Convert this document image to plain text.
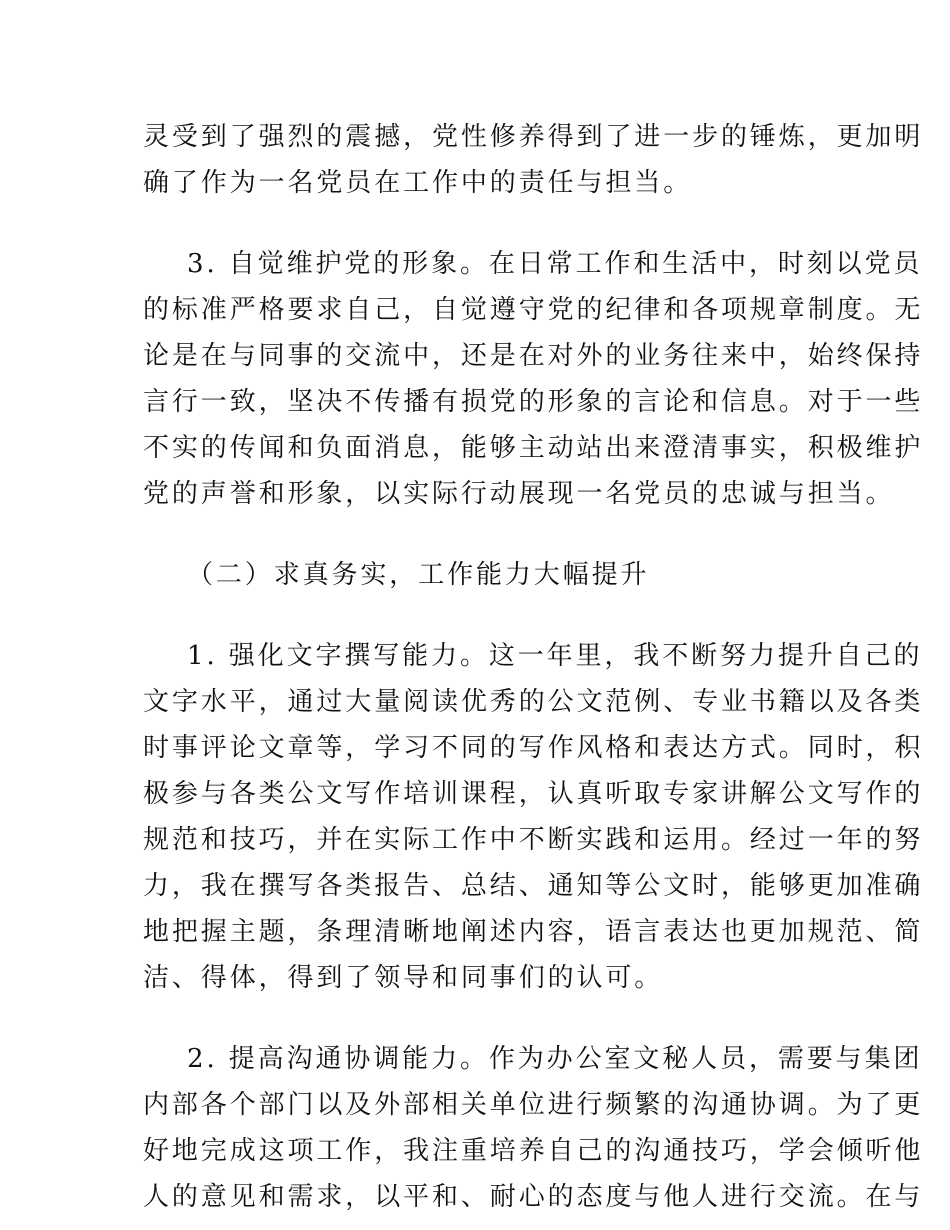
灵受到了强烈的震撼，党性修养得到了进一步的锤炼，更加明
确了作为一名党员在工作中的责任与担当。
3. 自觉维护党的形象。在日常工作和生活中，时刻以党员
的标准严格要求自己，自觉遵守党的纪律和各项规章制度。无
论是在与同事的交流中，还是在对外的业务往来中，始终保持
言行一致，坚决不传播有损党的形象的言论和信息。对于一些
不实的传闻和负面消息，能够主动站出来澄清事实，积极维护
党的声誉和形象，以实际行动展现一名党员的忠诚与担当。
（二）求真务实，工作能力大幅提升
1. 强化文字撰写能力。这一年里，我不断努力提升自己的
文字水平，通过大量阅读优秀的公文范例、专业书籍以及各类
时事评论文章等，学习不同的写作风格和表达方式。同时，积
极参与各类公文写作培训课程，认真听取专家讲解公文写作的
规范和技巧，并在实际工作中不断实践和运用。经过一年的努
力，我在撰写各类报告、总结、通知等公文时，能够更加准确
地把握主题，条理清晰地阐述内容，语言表达也更加规范、简
洁、得体，得到了领导和同事们的认可。
2. 提高沟通协调能力。作为办公室文秘人员，需要与集团
内部各个部门以及外部相关单位进行频繁的沟通协调。为了更
好地完成这项工作，我注重培养自己的沟通技巧，学会倾听他
人的意见和需求，以平和、耐心的态度与他人进行交流。在与
